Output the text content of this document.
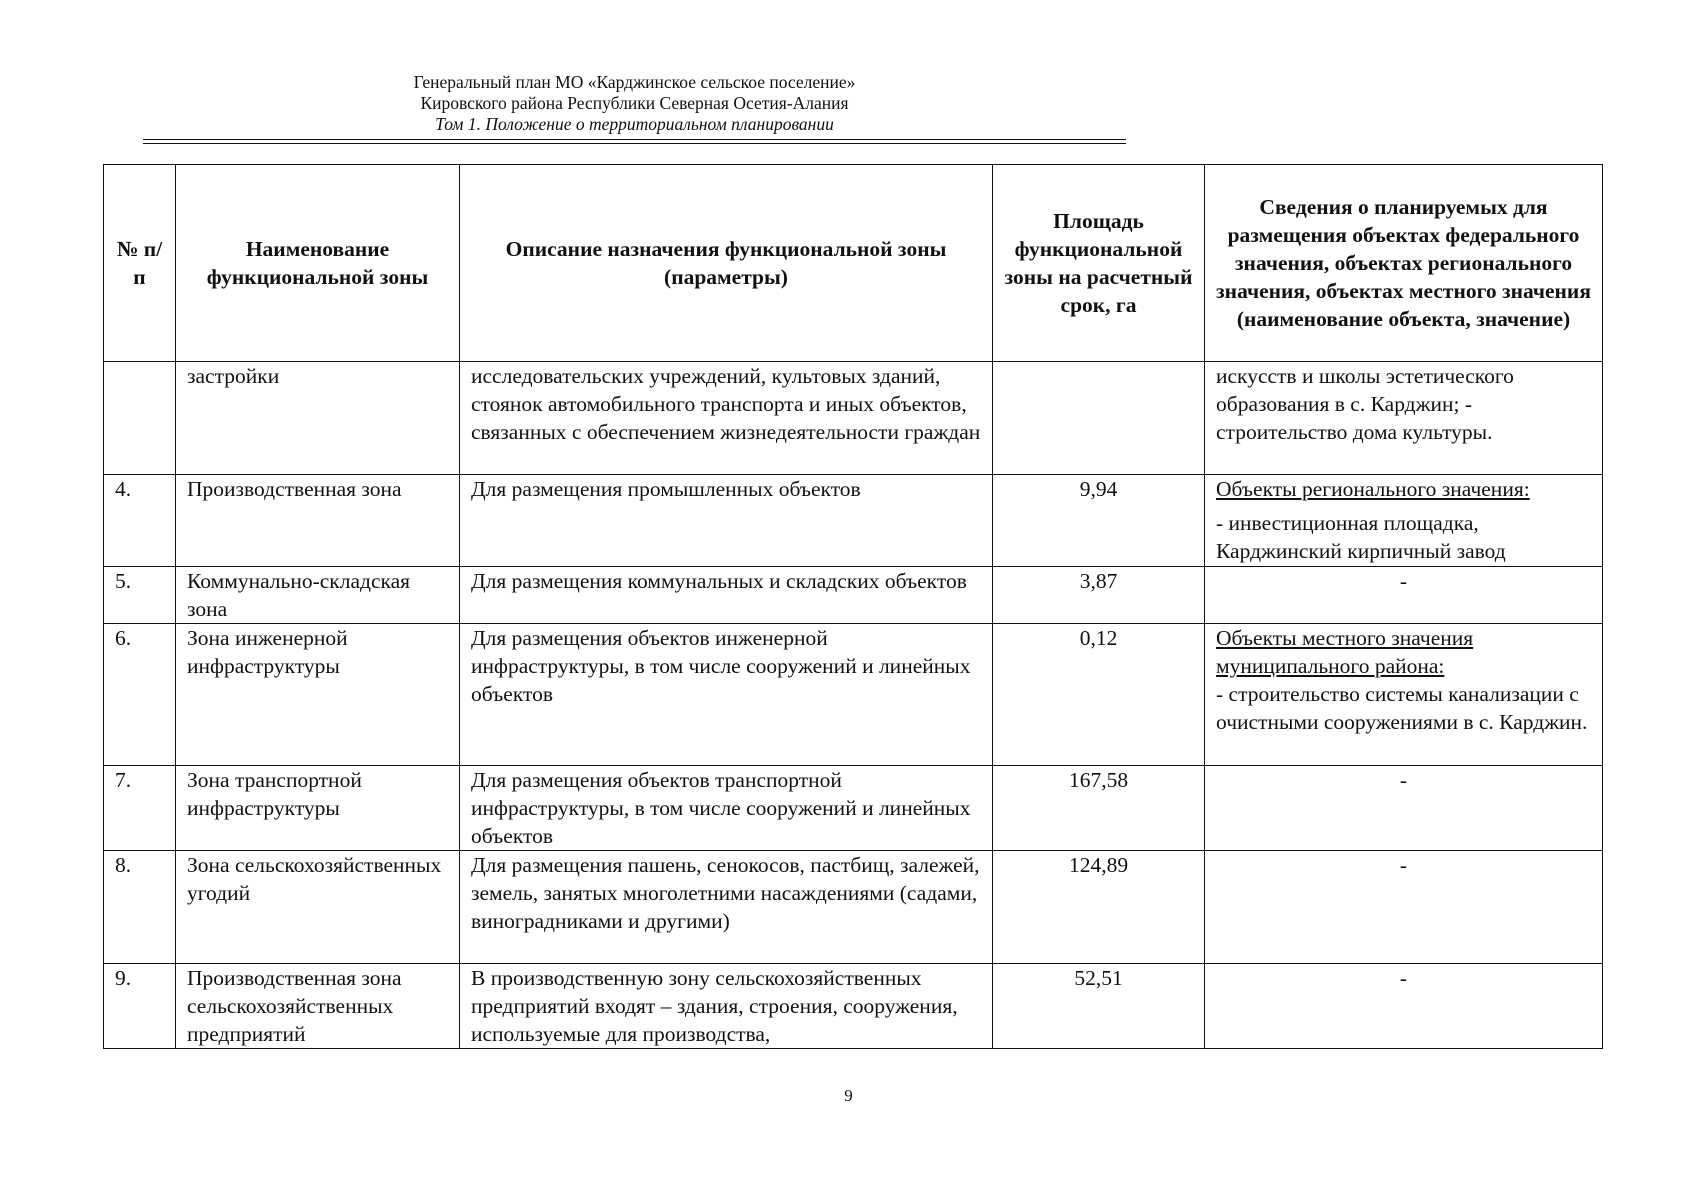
Генеральный план МО «Карджинское сельское поселение»
Кировского района Республики Северная Осетия-Алания
Том 1. Положение о территориальном планировании
№ п/п	Наименование функциональной зоны	Описание назначения функциональной зоны (параметры)	Площадь функциональной зоны на расчетный срок, га	Сведения о планируемых для размещения объектах федерального значения, объектах регионального значения, объектах местного значения (наименование объекта, значение)
	застройки	исследовательских учреждений, культовых зданий, стоянок автомобильного транспорта и иных объектов, связанных с обеспечением жизнедеятельности граждан		искусств и школы эстетического образования в с. Карджин; - строительство дома культуры.
4.	Производственная зона	Для размещения промышленных объектов	9,94	Объекты регионального значения:
- инвестиционная площадка, Карджинский кирпичный завод

5.	Коммунально-складская зона	Для размещения коммунальных и складских объектов	3,87	-
6.	Зона инженерной инфраструктуры	Для размещения объектов инженерной инфраструктуры, в том числе сооружений и линейных объектов	0,12	Объекты местного значения муниципального района:
- строительство системы канализации с очистными сооружениями в с. Карджин.

7.	Зона транспортной инфраструктуры	Для размещения объектов транспортной инфраструктуры, в том числе сооружений и линейных объектов	167,58	-
8.	Зона сельскохозяйственных угодий	Для размещения пашень, сенокосов, пастбищ, залежей, земель, занятых многолетними насаждениями (садами, виноградниками и другими)	124,89	-
9.	Производственная зона сельскохозяйственных предприятий	В производственную зону сельскохозяйственных предприятий входят – здания, строения, сооружения, используемые для производства,	52,51	-
9
